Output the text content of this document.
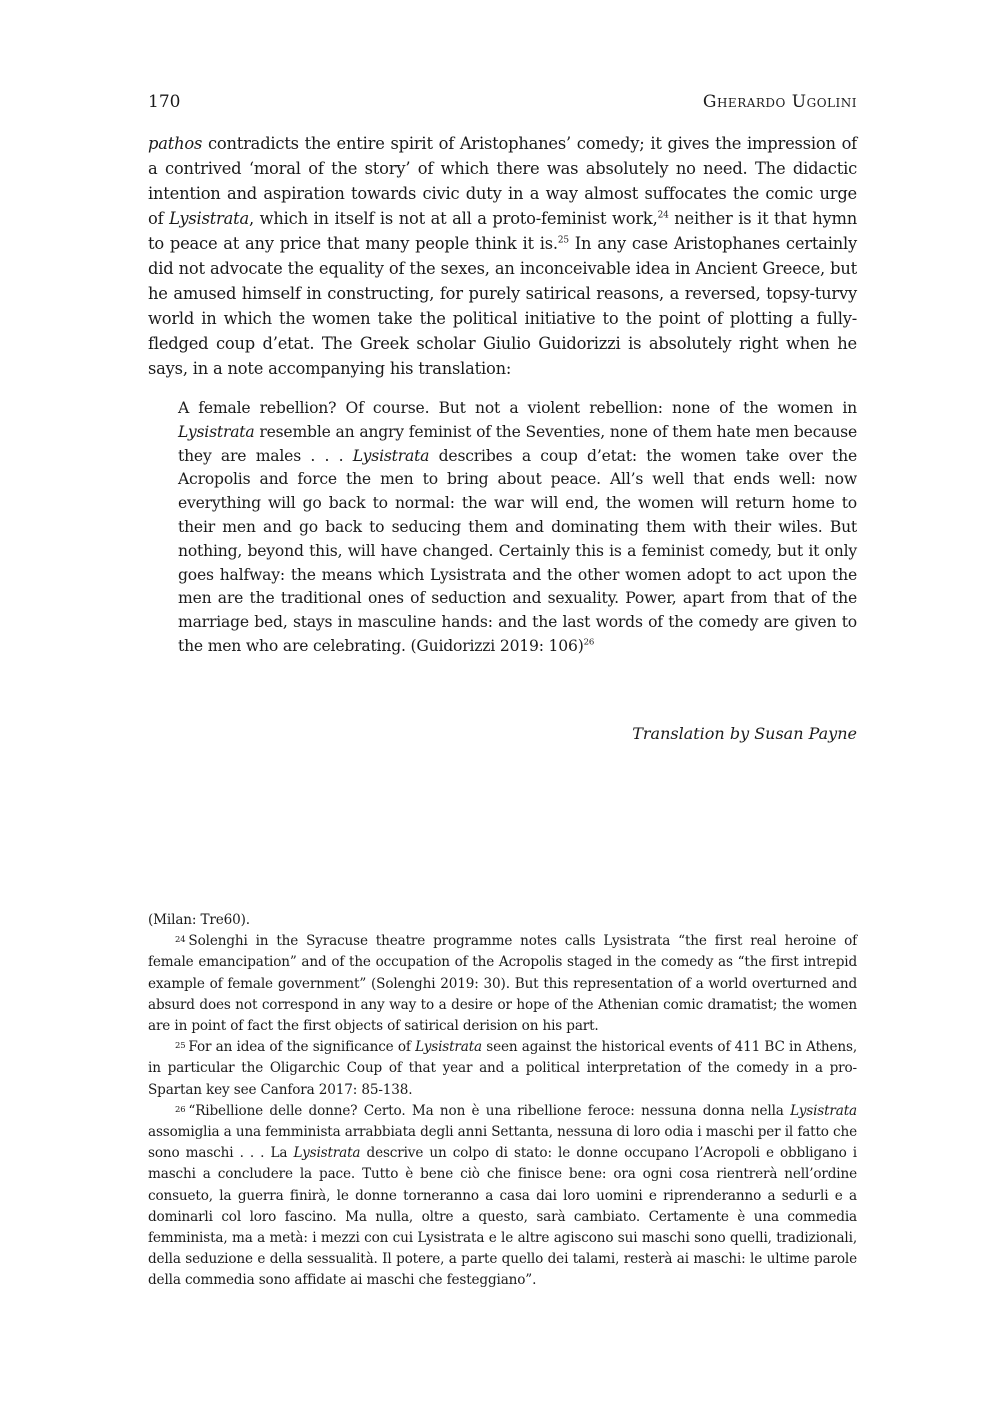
170	Gherardo Ugolini

pathos contradicts the entire spirit of Aristophanes’ comedy; it gives the impression of a contrived ‘moral of the story’ of which there was absolutely no need. The didactic intention and aspiration towards civic duty in a way almost suffocates the comic urge of Lysistrata, which in itself is not at all a proto-feminist work,$^{24}$ neither is it that hymn to peace at any price that many people think it is.$^{25}$ In any case Aristophanes certainly did not advocate the equality of the sexes, an inconceivable idea in Ancient Greece, but he amused himself in constructing, for purely satirical reasons, a reversed, topsy-turvy world in which the women take the political initiative to the point of plotting a fully-fledged coup d’etat. The Greek scholar Giulio Guidorizzi is absolutely right when he says, in a note accompanying his translation:

A female rebellion? Of course. But not a violent rebellion: none of the women in Lysistrata resemble an angry feminist of the Seventies, none of them hate men because they are males . . . Lysistrata describes a coup d’etat: the women take over the Acropolis and force the men to bring about peace. All’s well that ends well: now everything will go back to normal: the war will end, the women will return home to their men and go back to seducing them and dominating them with their wiles. But nothing, beyond this, will have changed. Certainly this is a feminist comedy, but it only goes halfway: the means which Lysistrata and the other women adopt to act upon the men are the traditional ones of seduction and sexuality. Power, apart from that of the marriage bed, stays in masculine hands: and the last words of the comedy are given to the men who are celebrating. (Guidorizzi 2019: 106)$^{26}$

Translation by Susan Payne

(Milan: Tre60).

$^{24}$ Solenghi in the Syracuse theatre programme notes calls Lysistrata “the first real heroine of female emancipation” and of the occupation of the Acropolis staged in the comedy as “the first intrepid example of female government” (Solenghi 2019: 30). But this representation of a world overturned and absurd does not correspond in any way to a desire or hope of the Athenian comic dramatist; the women are in point of fact the first objects of satirical derision on his part.

$^{25}$ For an idea of the significance of Lysistrata seen against the historical events of 411 BC in Athens, in particular the Oligarchic Coup of that year and a political interpretation of the comedy in a pro-Spartan key see Canfora 2017: 85-138.

$^{26}$ “Ribellione delle donne? Certo. Ma non è una ribellione feroce: nessuna donna nella Lysistrata assomiglia a una femminista arrabbiata degli anni Settanta, nessuna di loro odia i maschi per il fatto che sono maschi . . . La Lysistrata descrive un colpo di stato: le donne occupano l’Acropoli e obbligano i maschi a concludere la pace. Tutto è bene ciò che finisce bene: ora ogni cosa rientrerà nell’ordine consueto, la guerra finirà, le donne torneranno a casa dai loro uomini e riprenderanno a sedurli e a dominarli col loro fascino. Ma nulla, oltre a questo, sarà cambiato. Certamente è una commedia femminista, ma a metà: i mezzi con cui Lysistrata e le altre agiscono sui maschi sono quelli, tradizionali, della seduzione e della sessualità. Il potere, a parte quello dei talami, resterà ai maschi: le ultime parole della commedia sono affidate ai maschi che festeggiano”.
